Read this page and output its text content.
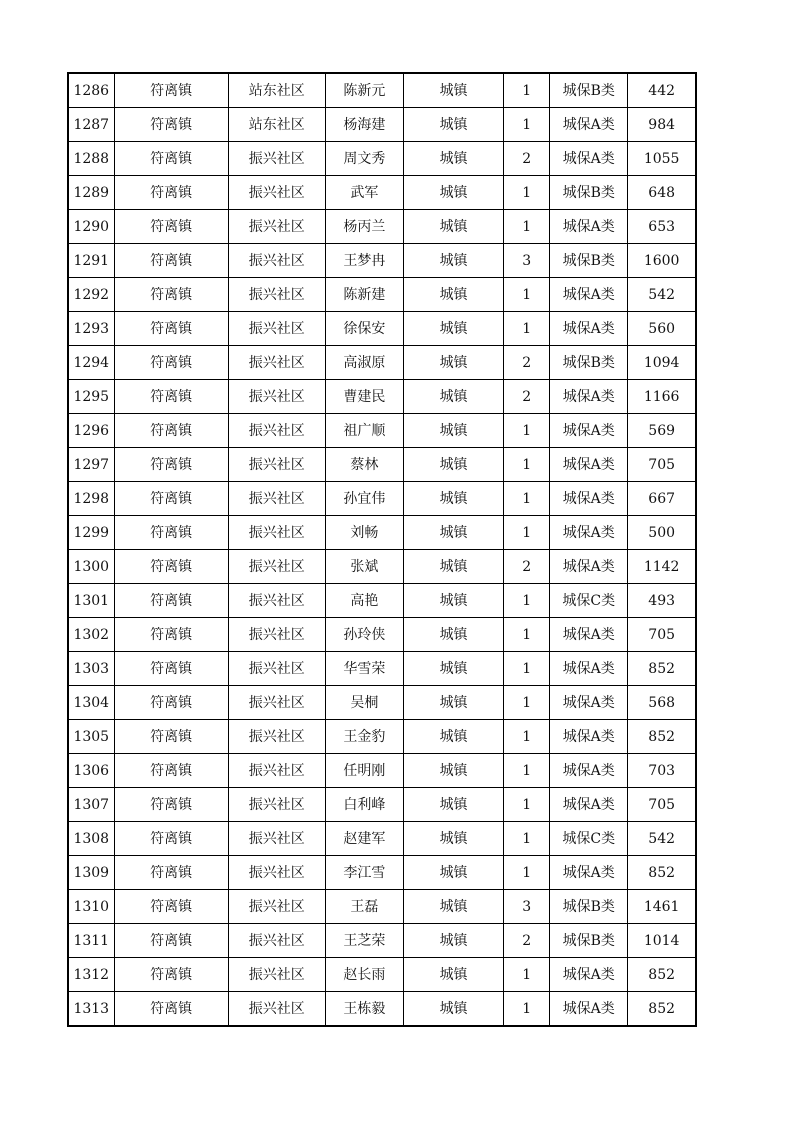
1286	符离镇	站东社区	陈新元	城镇	1	城保B类	442
1287	符离镇	站东社区	杨海建	城镇	1	城保A类	984
1288	符离镇	振兴社区	周文秀	城镇	2	城保A类	1055
1289	符离镇	振兴社区	武军	城镇	1	城保B类	648
1290	符离镇	振兴社区	杨丙兰	城镇	1	城保A类	653
1291	符离镇	振兴社区	王梦冉	城镇	3	城保B类	1600
1292	符离镇	振兴社区	陈新建	城镇	1	城保A类	542
1293	符离镇	振兴社区	徐保安	城镇	1	城保A类	560
1294	符离镇	振兴社区	高淑原	城镇	2	城保B类	1094
1295	符离镇	振兴社区	曹建民	城镇	2	城保A类	1166
1296	符离镇	振兴社区	祖广顺	城镇	1	城保A类	569
1297	符离镇	振兴社区	蔡林	城镇	1	城保A类	705
1298	符离镇	振兴社区	孙宜伟	城镇	1	城保A类	667
1299	符离镇	振兴社区	刘畅	城镇	1	城保A类	500
1300	符离镇	振兴社区	张斌	城镇	2	城保A类	1142
1301	符离镇	振兴社区	高艳	城镇	1	城保C类	493
1302	符离镇	振兴社区	孙玲侠	城镇	1	城保A类	705
1303	符离镇	振兴社区	华雪荣	城镇	1	城保A类	852
1304	符离镇	振兴社区	吴桐	城镇	1	城保A类	568
1305	符离镇	振兴社区	王金豹	城镇	1	城保A类	852
1306	符离镇	振兴社区	任明刚	城镇	1	城保A类	703
1307	符离镇	振兴社区	白利峰	城镇	1	城保A类	705
1308	符离镇	振兴社区	赵建军	城镇	1	城保C类	542
1309	符离镇	振兴社区	李江雪	城镇	1	城保A类	852
1310	符离镇	振兴社区	王磊	城镇	3	城保B类	1461
1311	符离镇	振兴社区	王芝荣	城镇	2	城保B类	1014
1312	符离镇	振兴社区	赵长雨	城镇	1	城保A类	852
1313	符离镇	振兴社区	王栋毅	城镇	1	城保A类	852
